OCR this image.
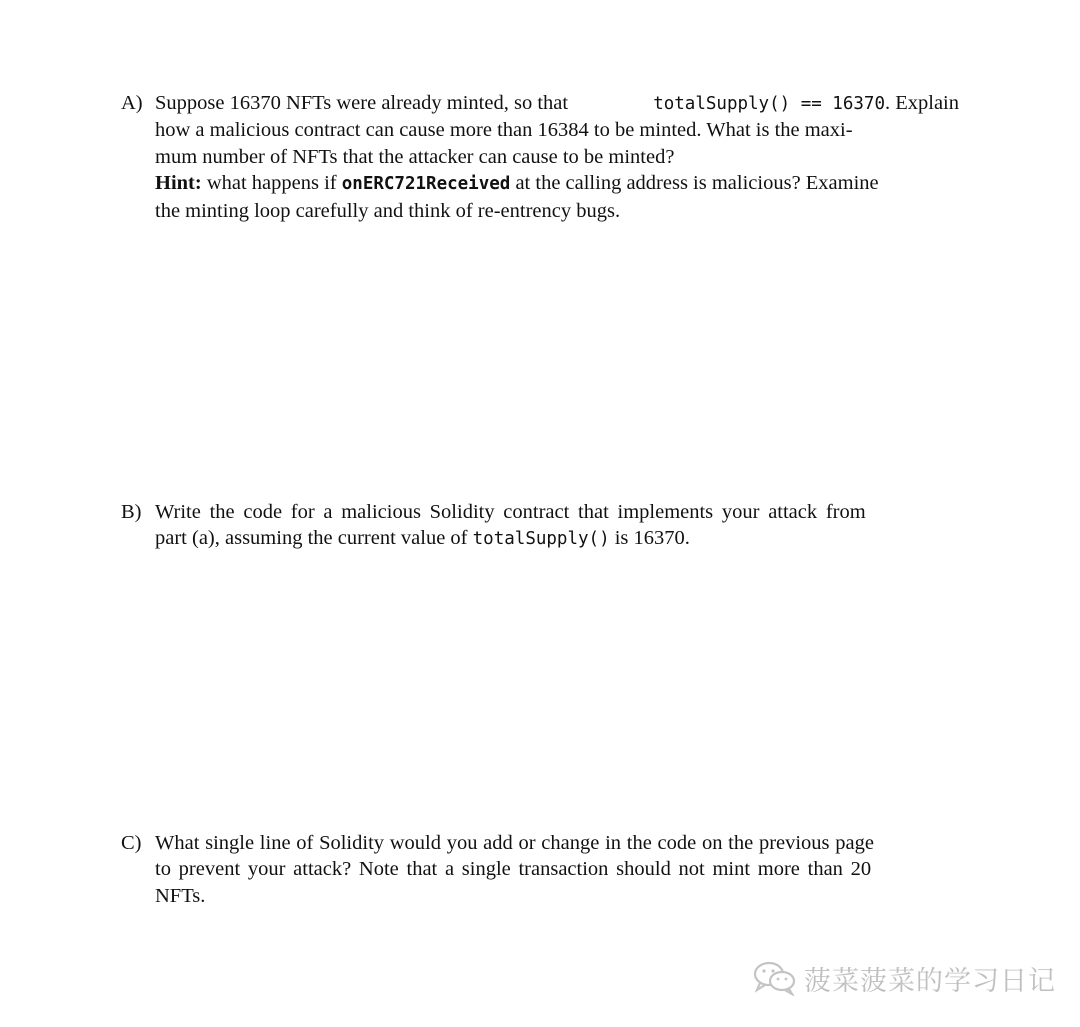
A) Suppose 16370 NFTs were already minted, so that	totalSupply() == 16370. Explain
how a malicious contract can cause more than 16384 to be minted. What is the maxi-
mum number of NFTs that the attacker can cause to be minted?
Hint: what happens if onERC721Received at the calling address is malicious? Examine
the minting loop carefully and think of re-entrency bugs.
B) Write the code for a malicious Solidity contract that implements your attack from
part (a), assuming the current value of totalSupply() is 16370.
C) What single line of Solidity would you add or change in the code on the previous page
to prevent your attack? Note that a single transaction should not mint more than 20
NFTs.
菠菜菠菜的学习日记
